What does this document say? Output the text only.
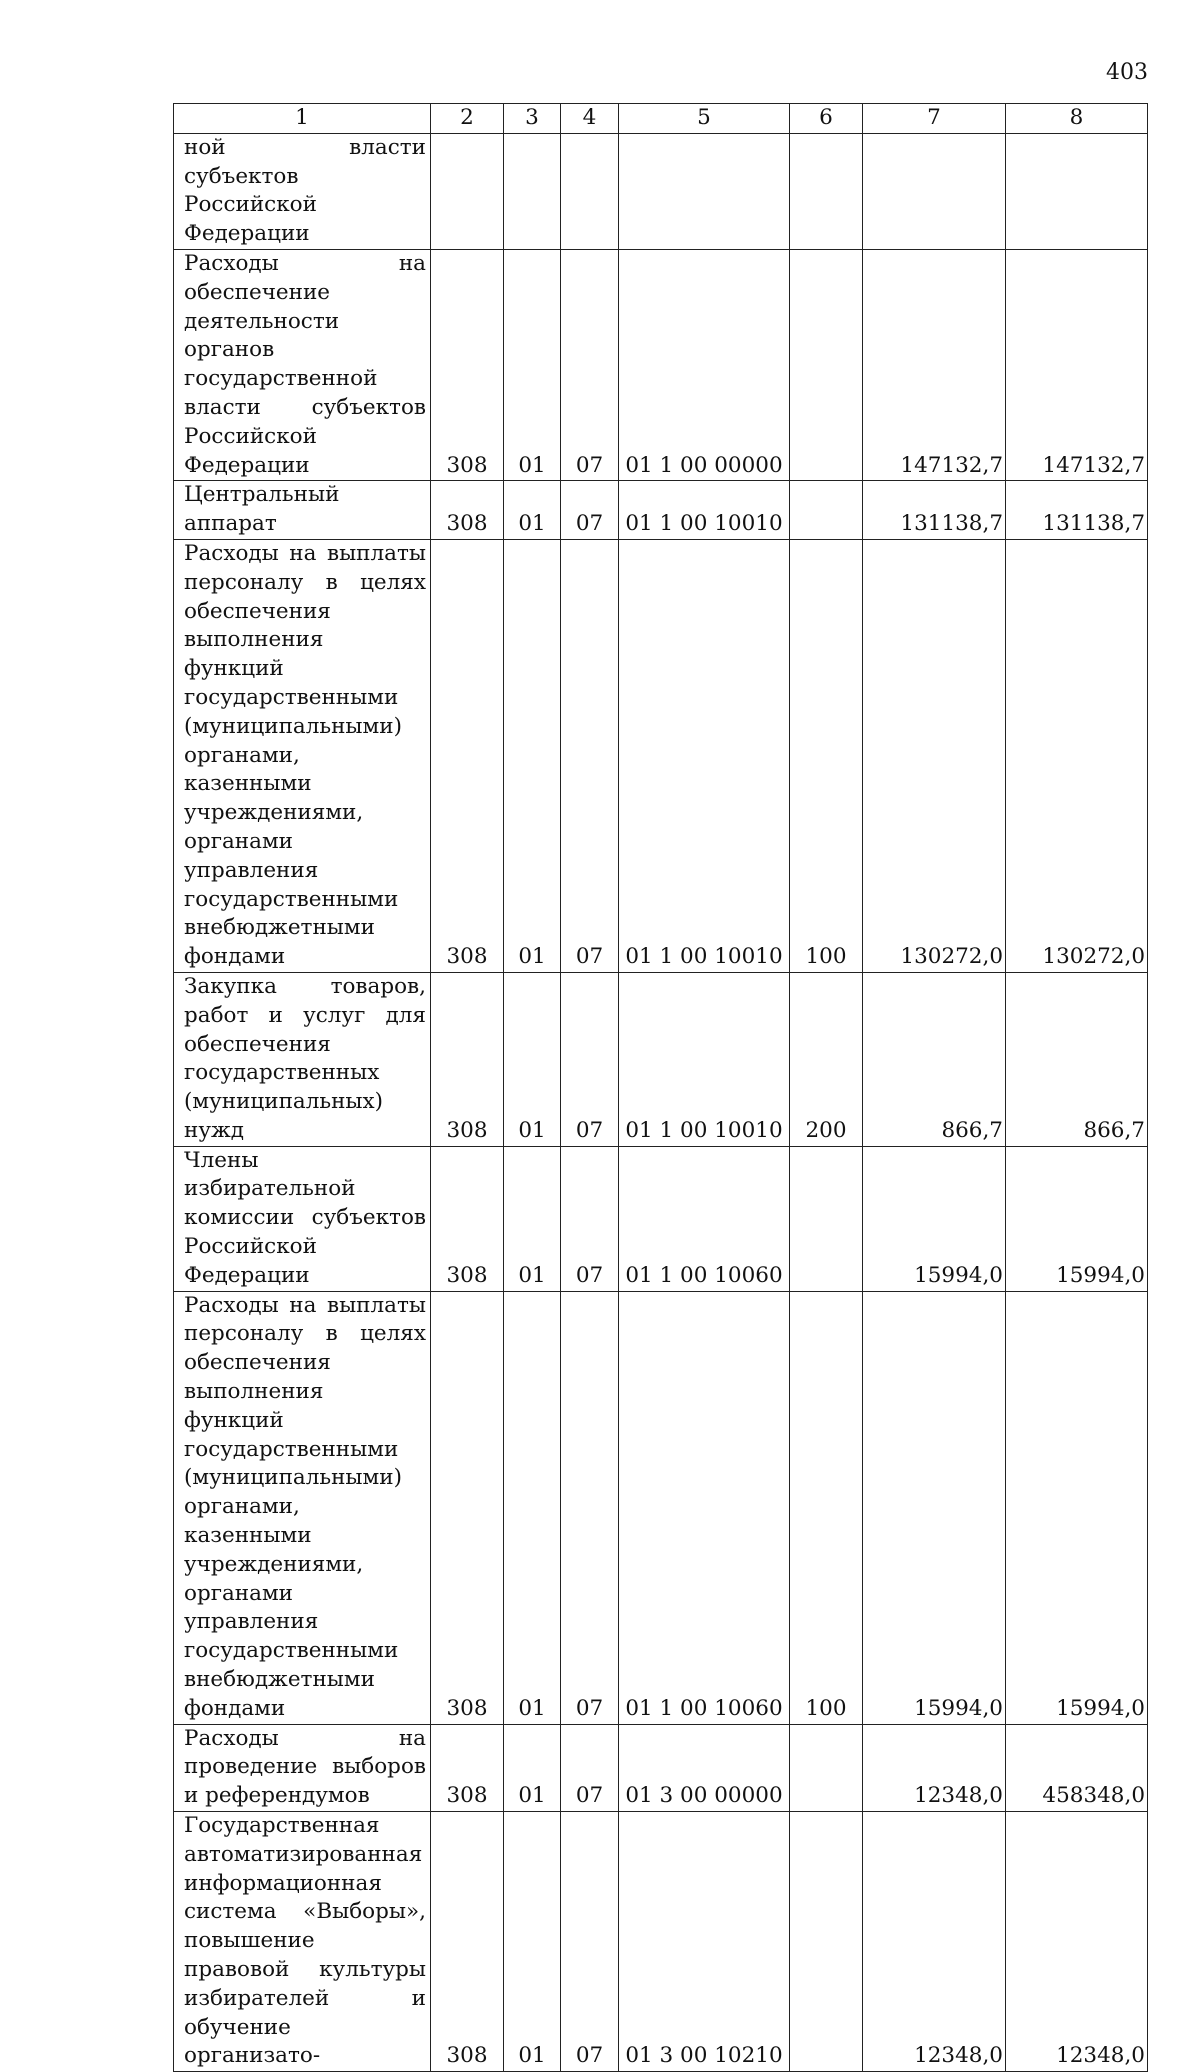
403
1	2	3	4	5	6	7	8
ной власти субъектов Российской Федерации							
Расходы на обеспечение деятельности органов государственной власти субъектов Российской Федерации	308	01	07	01 1 00 00000		147132,7	147132,7
Центральный аппарат	308	01	07	01 1 00 10010		131138,7	131138,7
Расходы на выплаты персоналу в целях обеспечения выполнения функций государственными (муниципальными) органами, казенными учреждениями, органами управления государственными внебюджетными фондами	308	01	07	01 1 00 10010	100	130272,0	130272,0
Закупка товаров, работ и услуг для обеспечения государственных (муниципальных) нужд	308	01	07	01 1 00 10010	200	866,7	866,7
Члены избирательной комиссии субъектов Российской Федерации	308	01	07	01 1 00 10060		15994,0	15994,0
Расходы на выплаты персоналу в целях обеспечения выполнения функций государственными (муниципальными) органами, казенными учреждениями, органами управления государственными внебюджетными фондами	308	01	07	01 1 00 10060	100	15994,0	15994,0
Расходы на проведение выборов и референдумов	308	01	07	01 3 00 00000		12348,0	458348,0
Государственная автоматизированная информационная система «Выборы», повышение правовой культуры избирателей и обучение организато-	308	01	07	01 3 00 10210		12348,0	12348,0
